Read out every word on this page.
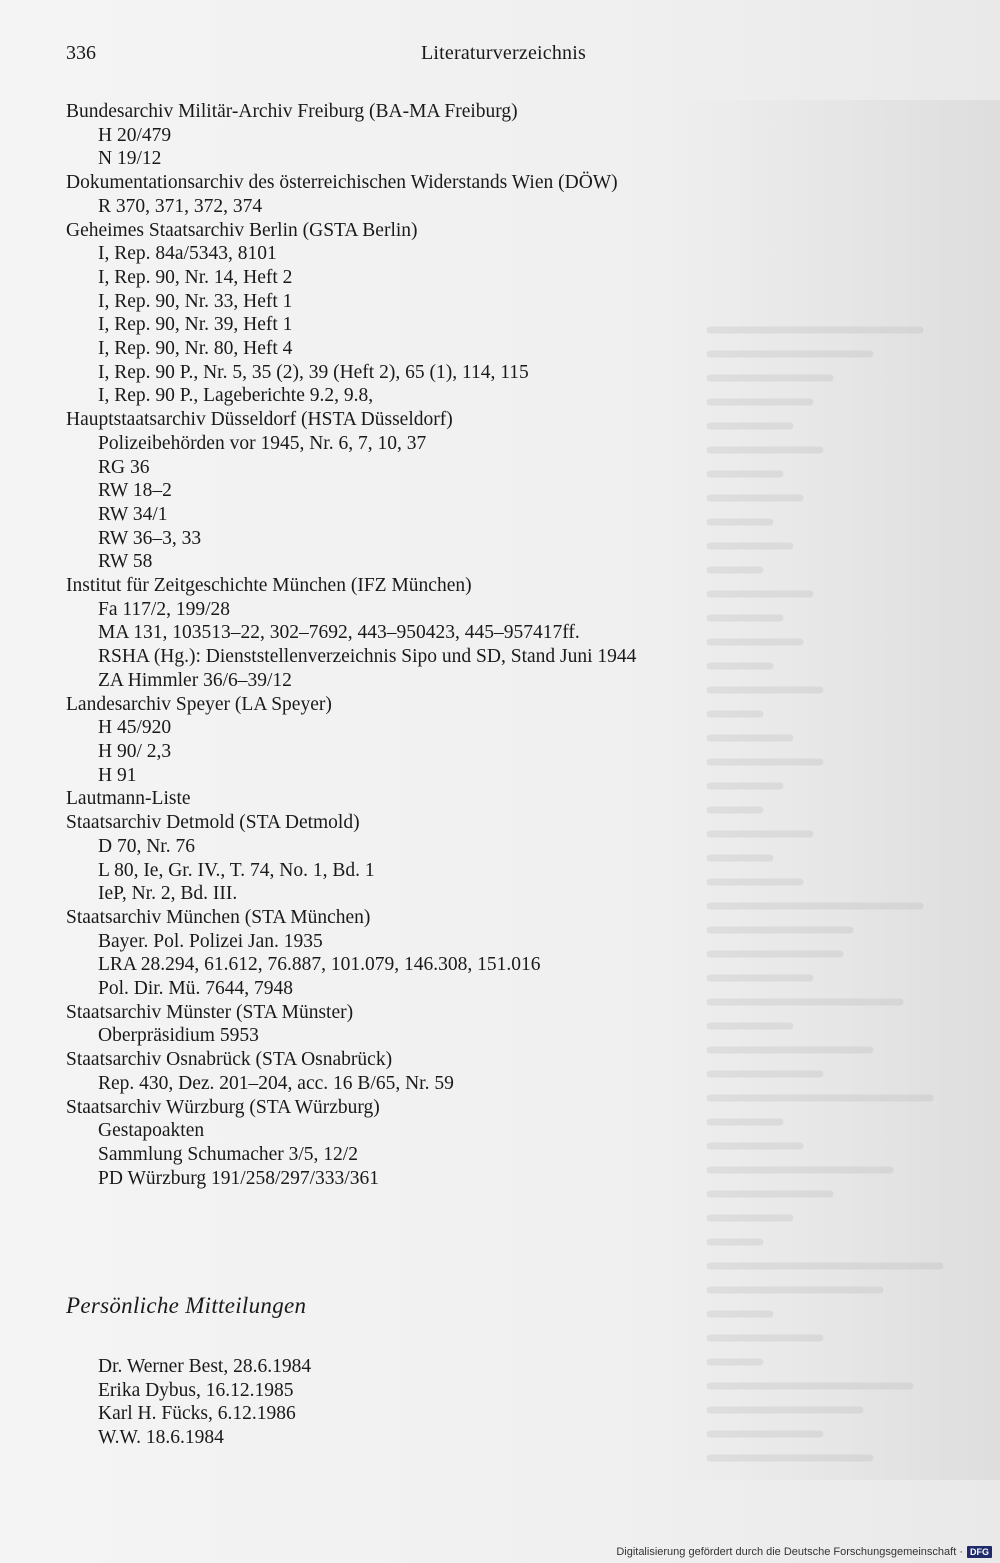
336	Literaturverzeichnis
Bundesarchiv Militär-Archiv Freiburg (BA-MA Freiburg)
H 20/479
N 19/12
Dokumentationsarchiv des österreichischen Widerstands Wien (DÖW)
R 370, 371, 372, 374
Geheimes Staatsarchiv Berlin (GSTA Berlin)
I, Rep. 84a/5343, 8101
I, Rep. 90, Nr. 14, Heft 2
I, Rep. 90, Nr. 33, Heft 1
I, Rep. 90, Nr. 39, Heft 1
I, Rep. 90, Nr. 80, Heft 4
I, Rep. 90 P., Nr. 5, 35 (2), 39 (Heft 2), 65 (1), 114, 115
I, Rep. 90 P., Lageberichte 9.2, 9.8,
Hauptstaatsarchiv Düsseldorf (HSTA Düsseldorf)
Polizeibehörden vor 1945, Nr. 6, 7, 10, 37
RG 36
RW 18–2
RW 34/1
RW 36–3, 33
RW 58
Institut für Zeitgeschichte München (IFZ München)
Fa 117/2, 199/28
MA 131, 103513–22, 302–7692, 443–950423, 445–957417ff.
RSHA (Hg.): Dienststellenverzeichnis Sipo und SD, Stand Juni 1944
ZA Himmler 36/6–39/12
Landesarchiv Speyer (LA Speyer)
H 45/920
H 90/ 2,3
H 91
Lautmann-Liste
Staatsarchiv Detmold (STA Detmold)
D 70, Nr. 76
L 80, Ie, Gr. IV., T. 74, No. 1, Bd. 1
IeP, Nr. 2, Bd. III.
Staatsarchiv München (STA München)
Bayer. Pol. Polizei Jan. 1935
LRA 28.294, 61.612, 76.887, 101.079, 146.308, 151.016
Pol. Dir. Mü. 7644, 7948
Staatsarchiv Münster (STA Münster)
Oberpräsidium 5953
Staatsarchiv Osnabrück (STA Osnabrück)
Rep. 430, Dez. 201–204, acc. 16 B/65, Nr. 59
Staatsarchiv Würzburg (STA Würzburg)
Gestapoakten
Sammlung Schumacher 3/5, 12/2
PD Würzburg 191/258/297/333/361
Persönliche Mitteilungen
Dr. Werner Best, 28.6.1984
Erika Dybus, 16.12.1985
Karl H. Fücks, 6.12.1986
W.W. 18.6.1984
Digitalisierung gefördert durch die Deutsche Forschungsgemeinschaft · DFG
